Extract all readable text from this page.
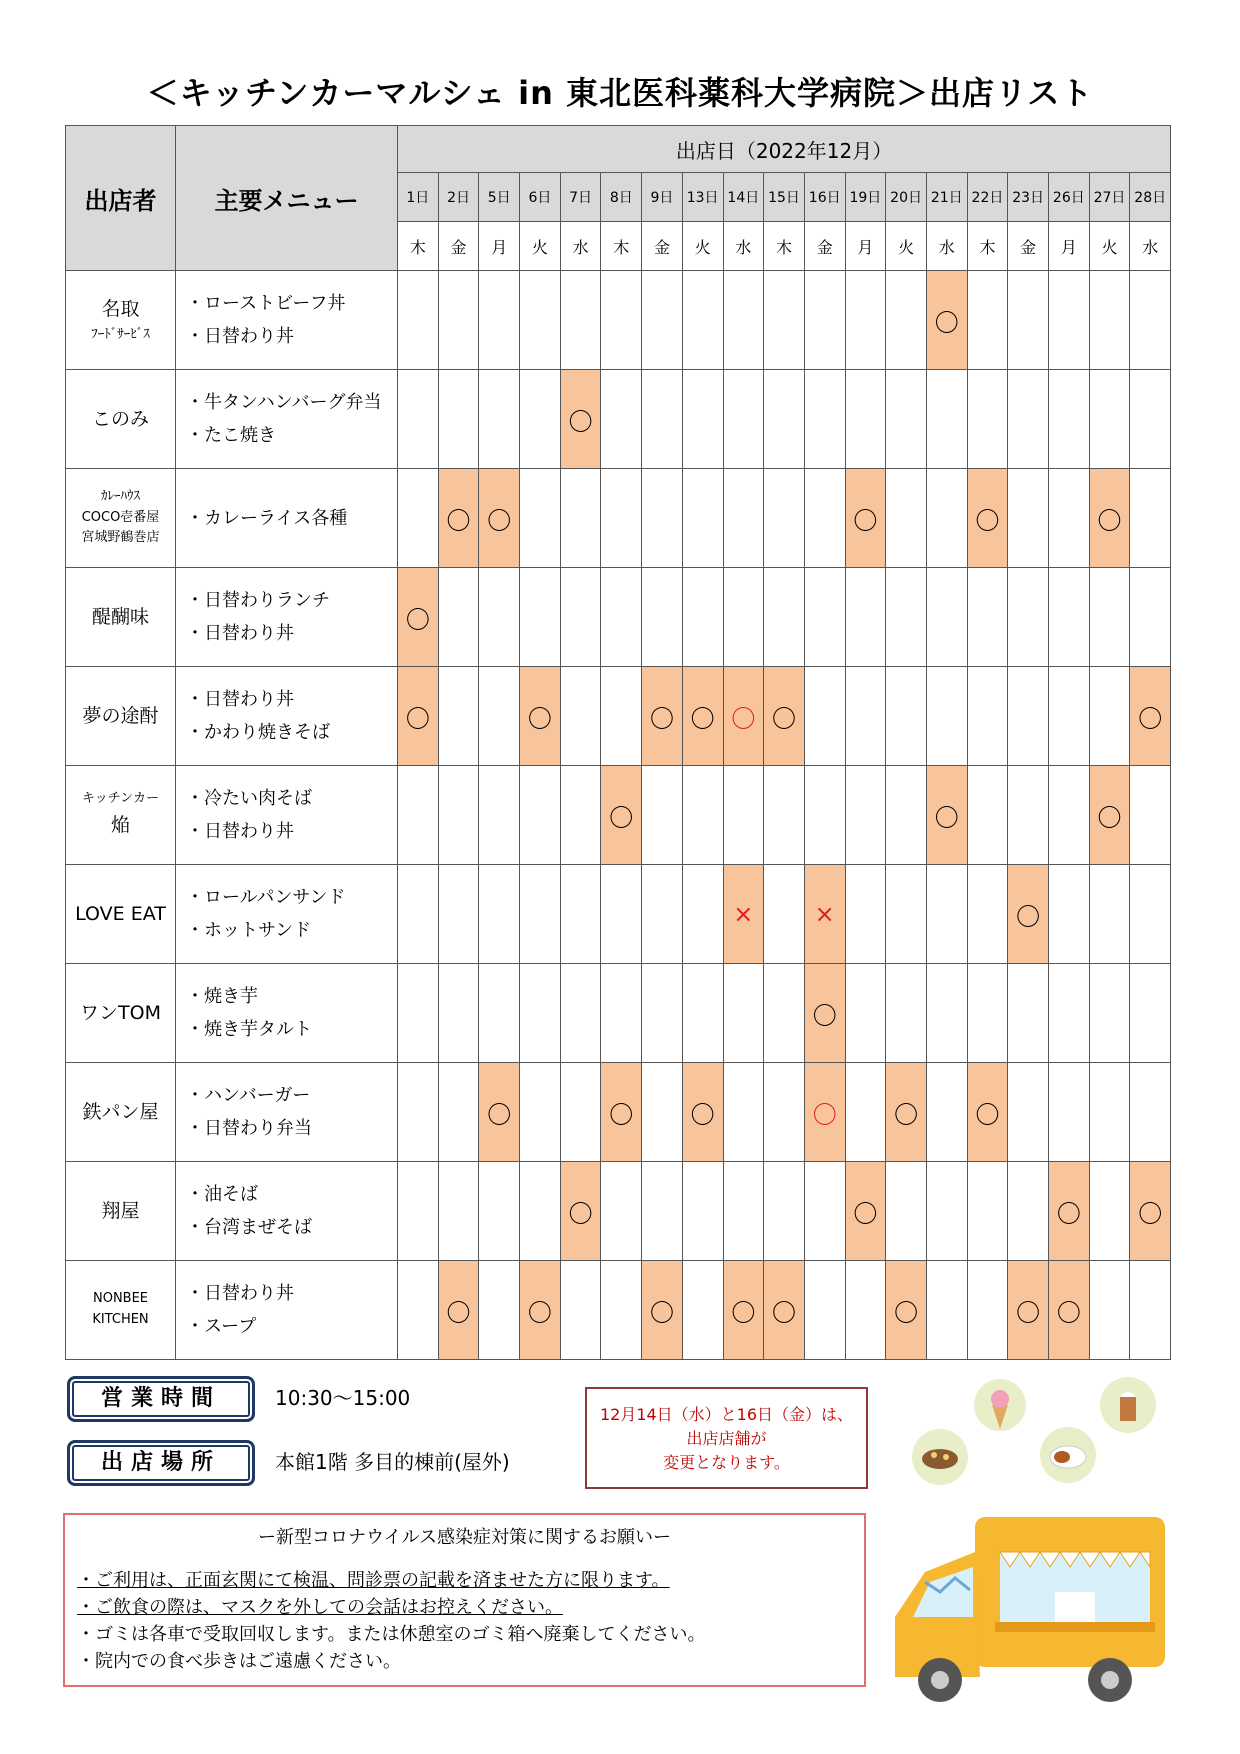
＜キッチンカーマルシェ in 東北医科薬科大学病院＞出店リスト
出店者	主要メニュー	出店日（2022年12月）																		
		1日	2日	5日	6日	7日	8日	9日	13日	14日	15日	16日	19日	20日	21日	22日	23日	26日	27日	28日
		木	金	月	火	水	木	金	火	水	木	金	月	火	水	木	金	月	火	水

名取
ﾌｰﾄﾞｻｰﾋﾞｽ	・ローストビーフ丼
・日替わり丼														〇					

このみ	・牛タンハンバーグ弁当
・たこ焼き					〇														

ｶﾚｰﾊｳｽ
COCO壱番屋
宮城野鶴巻店	・カレーライス各種		〇	〇									〇			〇			〇	

醍醐味	・日替わりランチ
・日替わり丼	〇																		

夢の途酎	・日替わり丼
・かわり焼きそば	〇			〇			〇	〇	〇	〇									〇

キッチンカー
焔	・冷たい肉そば
・日替わり丼						〇								〇				〇	

LOVE EAT	・ロールパンサンド
・ホットサンド									×		×					〇			

ワンTOM	・焼き芋
・焼き芋タルト											〇								

鉄パン屋	・ハンバーガー
・日替わり弁当			〇			〇		〇			〇		〇		〇				

翔屋	・油そば
・台湾まぜそば					〇							〇					〇		〇

NONBEE
KITCHEN	・日替わり丼
・スープ		〇		〇			〇		〇	〇			〇			〇	〇		
営業時間	10:30～15:00
出店場所	本館1階 多目的棟前(屋外)
12月14日（水）と16日（金）は、
出店店舗が
変更となります。
ー新型コロナウイルス感染症対策に関するお願いー
・ご利用は、正面玄関にて検温、問診票の記載を済ませた方に限ります。
・ご飲食の際は、マスクを外しての会話はお控えください。
・ゴミは各車で受取回収します。または休憩室のゴミ箱へ廃棄してください。
・院内での食べ歩きはご遠慮ください。
